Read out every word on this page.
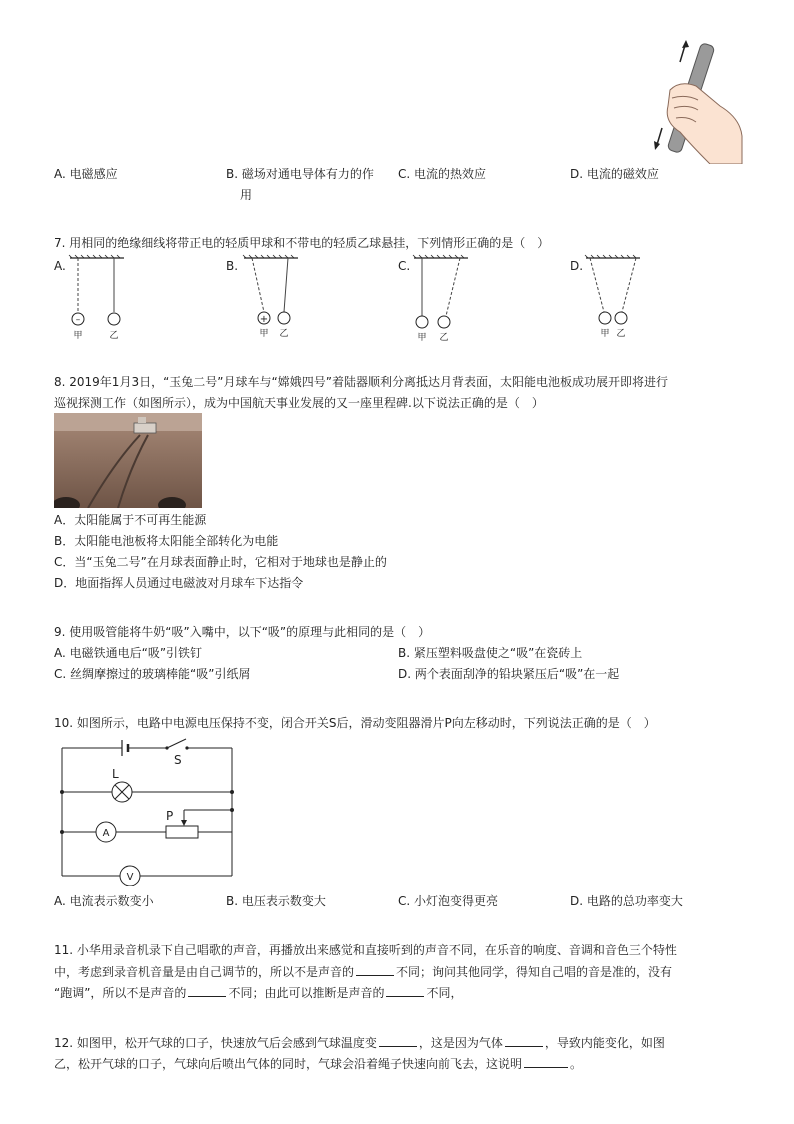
A. 电磁感应	B. 磁场对通电导体有力的作
用
C. 电流的热效应	D. 电流的磁效应
7. 用相同的绝缘细线将带正电的轻质甲球和不带电的轻质乙球悬挂，下列情形正确的是（　）
A.	B.	C.	D.
–
甲	乙
+
甲 乙	甲 乙	甲 乙
8. 2019年1月3日，“玉兔二号”月球车与“嫦娥四号”着陆器顺利分离抵达月背表面，太阳能电池板成功展开即将进行
巡视探测工作（如图所示），成为中国航天事业发展的又一座里程碑.以下说法正确的是（　）
A．太阳能属于不可再生能源
B．太阳能电池板将太阳能全部转化为电能
C．当“玉兔二号”在月球表面静止时，它相对于地球也是静止的
D．地面指挥人员通过电磁波对月球车下达指令
9. 使用吸管能将牛奶“吸”入嘴中，以下“吸”的原理与此相同的是（　）
A. 电磁铁通电后“吸”引铁钉	B. 紧压塑料吸盘使之“吸”在瓷砖上
C. 丝绸摩擦过的玻璃棒能“吸”引纸屑	D. 两个表面刮净的铅块紧压后“吸”在一起
10. 如图所示，电路中电源电压保持不变，闭合开关S后，滑动变阻器滑片P向左移动时，下列说法正确的是（　）
S
L
A
P
V
A. 电流表示数变小	B. 电压表示数变大	C. 小灯泡变得更亮	D. 电路的总功率变大
11. 小华用录音机录下自己唱歌的声音，再播放出来感觉和直接听到的声音不同，在乐音的响度、音调和音色三个特性
中，考虑到录音机音量是由自己调节的，所以不是声音的	不同；询问其他同学，得知自己唱的音是准的，没有
“跑调”，所以不是声音的	不同；由此可以推断是声音的	不同，
12. 如图甲，松开气球的口子，快速放气后会感到气球温度变	，这是因为气体	，导致内能变化，如图
乙，松开气球的口子，气球向后喷出气体的同时，气球会沿着绳子快速向前飞去，这说明	。
